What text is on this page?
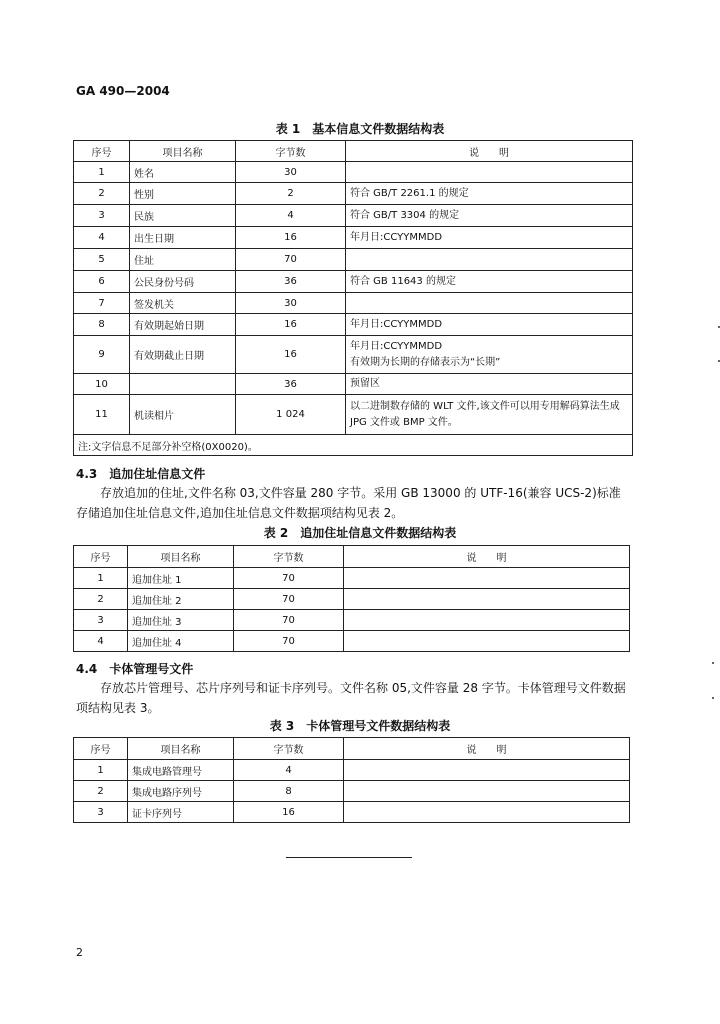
GA 490—2004
表 1　基本信息文件数据结构表
序号	项目名称	字节数	说　　明
1	姓名	30	
2	性别	2	符合 GB/T 2261.1 的规定
3	民族	4	符合 GB/T 3304 的规定
4	出生日期	16	年月日:CCYYMMDD
5	住址	70	
6	公民身份号码	36	符合 GB 11643 的规定
7	签发机关	30	
8	有效期起始日期	16	年月日:CCYYMMDD
9	有效期截止日期	16	年月日:CCYYMMDD
有效期为长期的存储表示为“长期”
10		36	预留区
11	机读相片	1 024	以二进制数存储的 WLT 文件,该文件可以用专用解码算法生成 JPG 文件或 BMP 文件。
注:文字信息不足部分补空格(0X0020)。			
4.3　追加住址信息文件
存放追加的住址,文件名称 03,文件容量 280 字节。采用 GB 13000 的 UTF-16(兼容 UCS-2)标准存储追加住址信息文件,追加住址信息文件数据项结构见表 2。
表 2　追加住址信息文件数据结构表
序号	项目名称	字节数	说　　明
1	追加住址 1	70	
2	追加住址 2	70	
3	追加住址 3	70	
4	追加住址 4	70	
4.4　卡体管理号文件
存放芯片管理号、芯片序列号和证卡序列号。文件名称 05,文件容量 28 字节。卡体管理号文件数据项结构见表 3。
表 3　卡体管理号文件数据结构表
序号	项目名称	字节数	说　　明
1	集成电路管理号	4	
2	集成电路序列号	8	
3	证卡序列号	16	
2
